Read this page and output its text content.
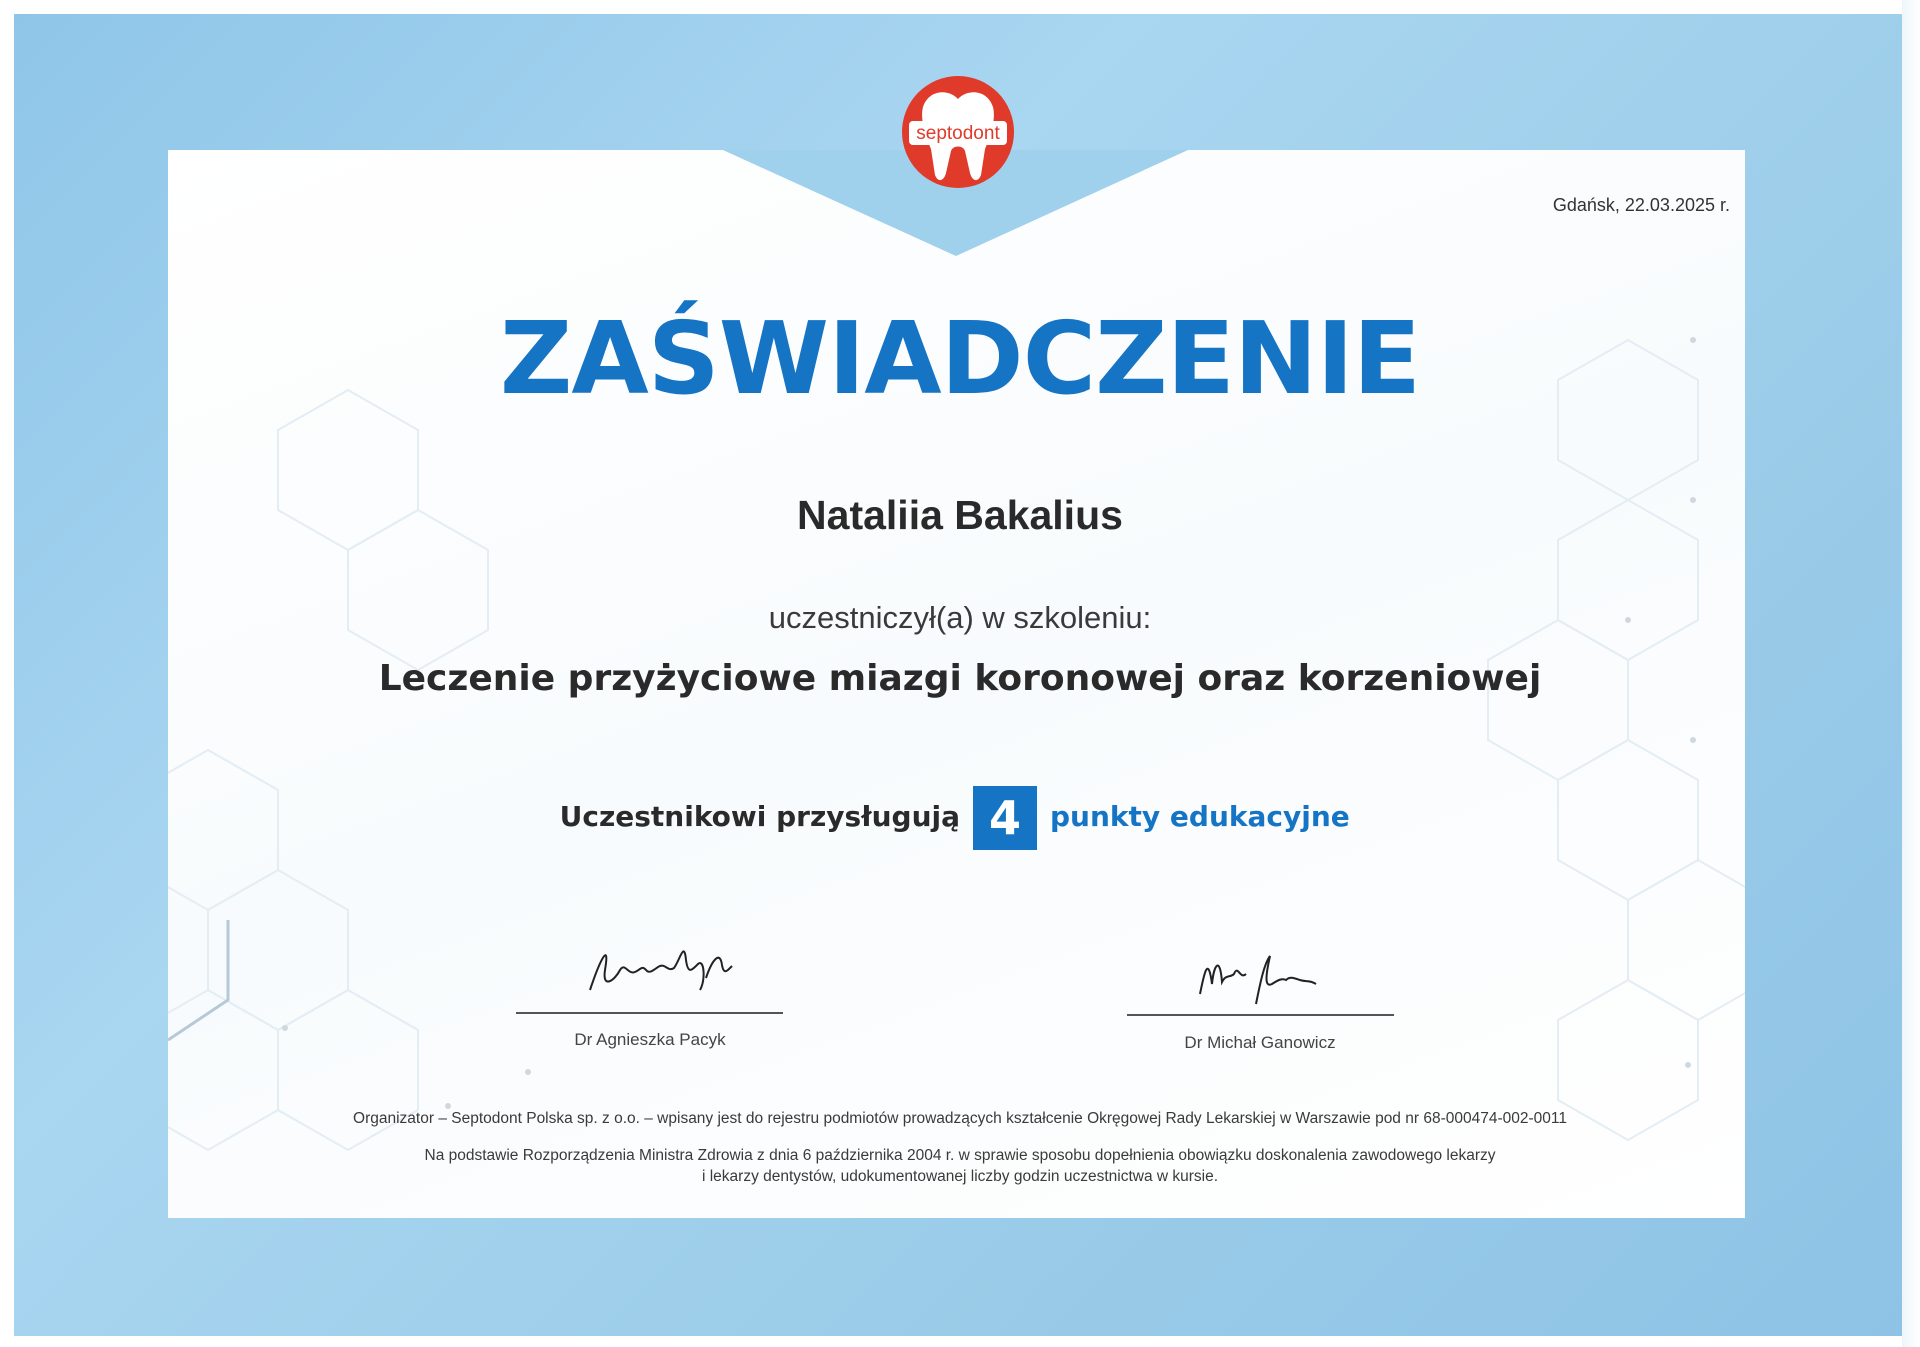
septodont
Gdańsk, 22.03.2025 r.
ZAŚWIADCZENIE
Nataliia Bakalius
uczestniczył(a) w szkoleniu:
Leczenie przyżyciowe miazgi koronowej oraz korzeniowej
Uczestnikowi przysługują 4	punkty edukacyjne
Dr Agnieszka Pacyk	Dr Michał Ganowicz
Organizator – Septodont Polska sp. z o.o. – wpisany jest do rejestru podmiotów prowadzących kształcenie Okręgowej Rady Lekarskiej w Warszawie pod nr 68-000474-002-0011
Na podstawie Rozporządzenia Ministra Zdrowia z dnia 6 października 2004 r. w sprawie sposobu dopełnienia obowiązku doskonalenia zawodowego lekarzy
i lekarzy dentystów, udokumentowanej liczby godzin uczestnictwa w kursie.
